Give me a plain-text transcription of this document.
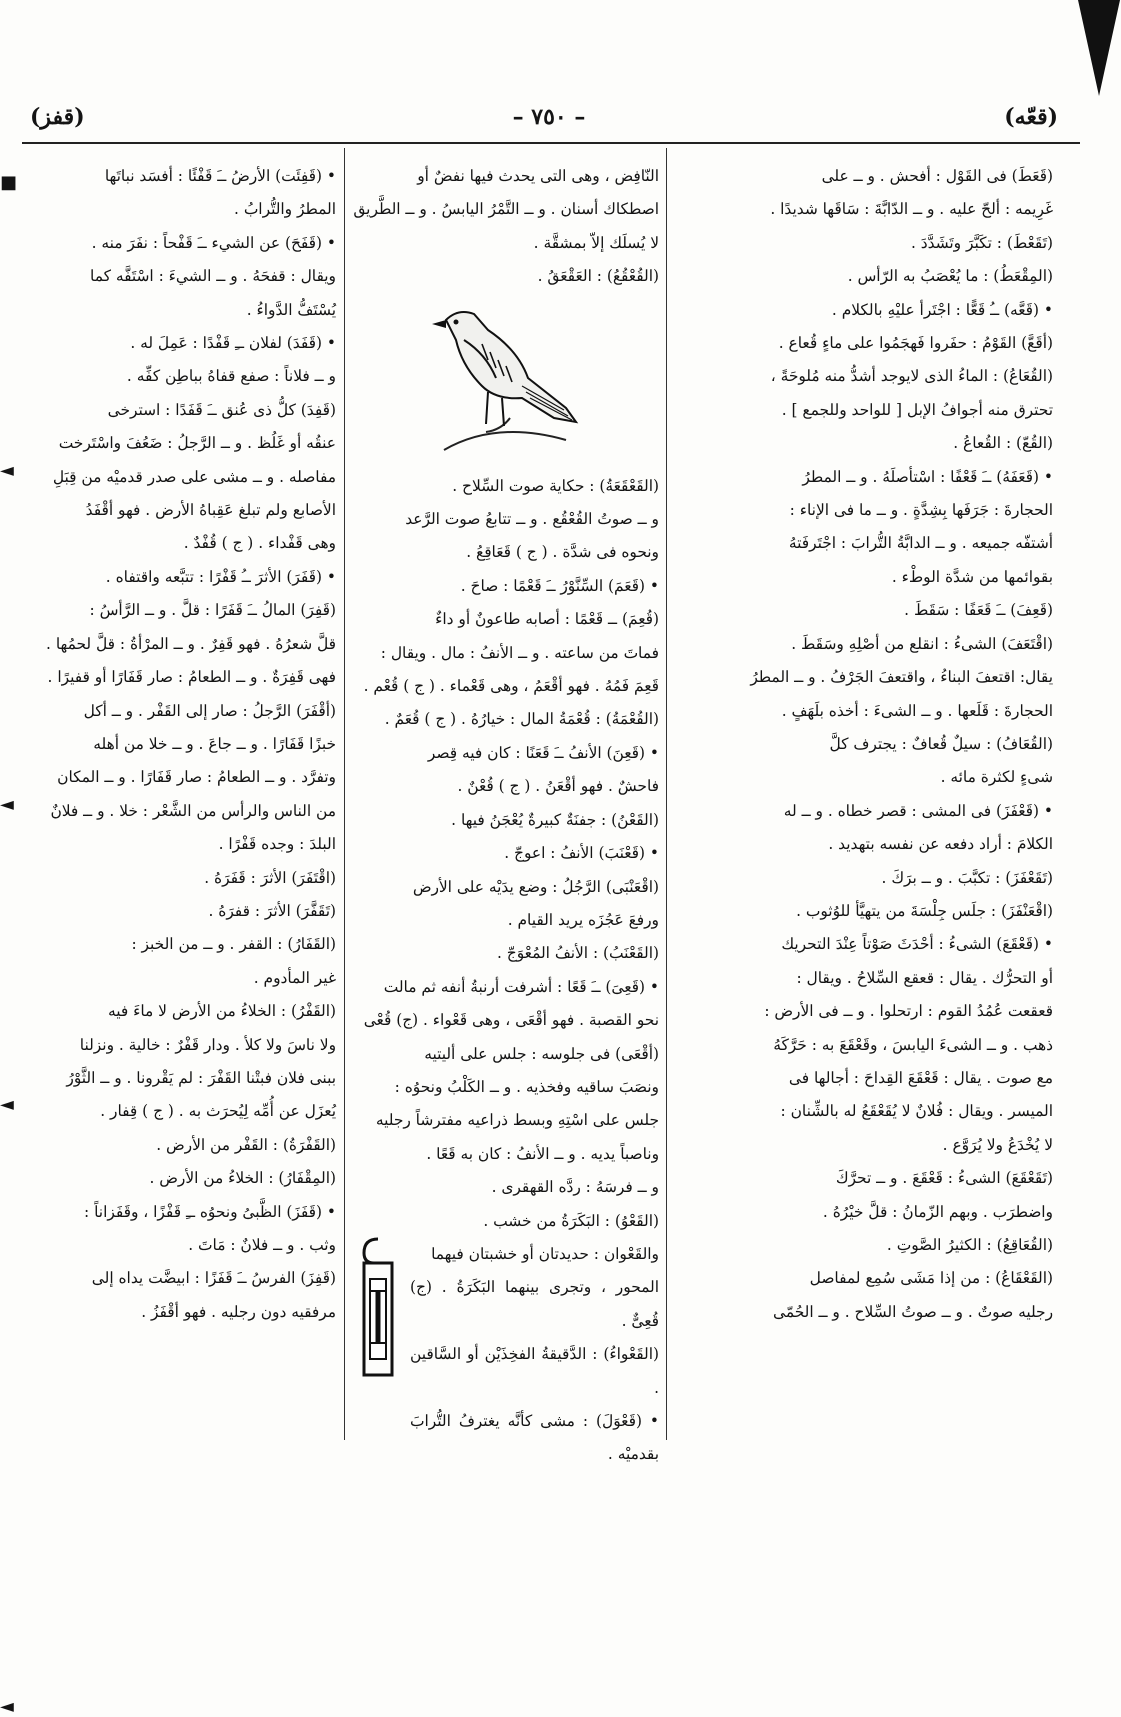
(قعّه)
– ٧٥٠ –
(قفز)

(قَعَطَ) فى القَوْل : أفحش . و ــ على

غَرِيمه : ألحّ عليه . و ــ الدّابَّةَ : سَاقَها شديدًا .

(تَقَعْطَ) : تكَبَّرَ وتَشَدَّدَ .

(المِقْعَطُ) : ما يُعْصَبُ به الرّأس .

• (قَعَّه) ــُ قَعًّا : اجْتَرأ عليْهِ بالكلام .

(أقَعَّ) القَوْمُ : حفَروا فَهجَمُوا على ماءٍ قُعاع .

(القُعَاعُ) : الماءُ الذى لايوجد أشدُّ منه مُلوحَةً ،

تحترق منه أجوافُ الإبل [ للواحد وللجمع ] .

(القُعّ) : القُعاعُ .

• (قَعَفَهُ) ــَ قَعْفًا : اسْتأصلَهُ . و ــ المطرُ

الحجارةَ : جَرَفَها بِشِدَّةٍ . و ــ ما فى الإناء :

أشتفّه جميعه . و ــ الدابَّةُ التُّرابَ : اجْتَرفَتهُ

بقوائمها من شدَّة الوطْء .

(قَعِفَ) ــَ قَعَفًا : سَقَطَ .

(اقْتَعَفَ) الشىءُ : انقلع من أصْلِهِ وسَقَطَ .

يقال: اقتعفَ البناءُ ، واقتعفَ الجَرْفُ . و ــ المطرُ

الحجارةَ : قَلَعها . و ــ الشىءَ : أخذه بلَهَفٍ .

(القُعَافُ) : سيلٌ قُعافٌ : يجترف كلَّ

شىءٍ لكثرة مائه .

• (قَعْفَزَ) فى المشى : قصر خطاه . و ــ له

الكلامَ : أراد دفعه عن نفسه بتهديد .

(تَقَعْفَزَ) : تكبَّبَ . و ــ برَكَ .

(اقْعَنْفَزَ) : جلَس جِلْسَةَ من يتهيَّأ للوُثوب .

• (قَعْقَعَ) الشىءُ : أحْدَثَ صَوْتاً عِنْدَ التحريك

أو التحرُّك . يقال : قعقع السِّلاحُ . ويقال :

قعقعت عُمُدُ القوم : ارتحلوا . و ــ فى الأرض :

ذهب . و ــ الشىءَ اليابسَ ، وقَعْقَعَ به : حَرَّكَهُ

مع صوت . يقال : قَعْقَعَ القِداحَ : أجالها فى

الميسر . ويقال : فُلانٌ لا يُقَعْقَعُ له بالشِّنان :

لا يُخْدَعُ ولا يُرَوَّع .

(تَقَعْقَعَ) الشىءُ : قَعْقَعَ . و ــ تحرَّكَ

واضطرَب . وبهم الزّمانُ : قلَّ خيْرُهُ .

(القُعَاقِعُ) : الكثيرُ الصَّوتِ .

(القَعْقَاعُ) : من إذا مَشَى سُمِع لمفاصل

رجليه صوتٌ . و ــ صوتُ السِّلاح . و ــ الحُمّى

النّافِض ، وهى التى يحدث فيها نفضٌ أو

اصطكاك أسنان . و ــ التَّمْرُ اليابسُ . و ــ الطَّريق

لا يُسلَك إلاّ بمشقَّة .

(القُعْقُعُ) : العَقْعَقُ .

(القَعْقَعَةُ) : حكاية صوت السِّلاح .

و ــ صوتُ القُعْقُع . و ــ تتابعُ صوت الرَّعد

ونحوه فى شدَّة . ( ج ) قَعَاقِعُ .

• (قَعَمَ) السِّنَّوْرُ ــَ قَعْمًا : صاحَ .

(قُعِمَ) ــ قَعْمًا : أصابه طاعونٌ أو داءٌ

فماتَ من ساعته . و ــ الأنفُ : مال . ويقال :

قَعِمَ فَمُهُ . فهو أقْعَمُ ، وهى قَعْماء . ( ج ) قُعْم .

(القُعْمَةُ) : قُعْمَةُ المال : خيارُهُ . ( ج ) قُعَمٌ .

• (قَعِنَ) الأنفُ ــَ قَعَنًا : كان فيه قِصر

فاحشٌ . فهو أقْعَنُ . ( ج ) قُعْنٌ .

(القَعْنُ) : جفنَةٌ كبيرةٌ يُعْجَنُ فيها .

• (قَعْنَبَ) الأنفُ : اعوجّ .

(اقْعَنْبَى) الرَّجُلُ : وضع يدَيْه على الأرض

ورفعَ عَجُزَه يريد القيام .

(القَعْنَبُ) : الأنفُ المُعْوَجّ .

• (قَعِىَ) ــَ قَعًا : أشرفت أرنبةُ أنفه ثم مالت

نحو القصبة . فهو أقْعَى ، وهى قَعْواء . (ج) قُعْى

(أقْعَى) فى جلوسه : جلس على أليتيه

ونصَبَ ساقيه وفخذيه . و ــ الكَلْبُ ونحوُه :

جلس على اسْتِهِ وبسط ذراعيه مفترشاً رجليه

وناصباً يديه . و ــ الأنفُ : كان به قَعًا .

و ــ فرسَهُ : ردَّه القهقرى .

(القَعْوُ) : البَكَرَةُ من خشب .

والقَعْوان : حديدتان أو خشبتان فيهما

المحور ، وتجرى بينهما البَكَرَةُ . (ج) قُعِىٌّ .

(القَعْواءُ) : الدَّقيقةُ الفخِذَيْن أو السَّاقين .

• (قَعْوَلَ) : مشى كأنَّه يغترفُ التُّرابَ بقدميْه .

• (قَفِئَت) الأرضُ ــَ قَفْئًا : أفسَد نباتَها

المطرُ والتُّرابُ .

• (قَفَحَ) عن الشيء ــَ قَفْحاً : نفَرَ منه .

ويقال : قفحَهُ . و ــ الشيءَ : اسْتَفَّه كما

يُسْتَفُّ الدَّواءُ .

• (قَفَدَ) لفلان ــِ قَفْدًا : عَمِلَ له .

و ــ فلاناً : صفع قفاهُ بباطِن كفِّه .

(قَفِدَ) كلُّ ذى عُنق ــَ قَفَدًا : استرخى

عنقُه أو غَلُظ . و ــ الرَّجلُ : ضَعُفَ واسْتَرخت

مفاصله . و ــ مشى على صدر قدميْه من قِبَلِ

الأصابع ولم تبلغ عَقِباهُ الأرض . فهو أقْفَدُ

وهى قَفْداء . ( ج ) قُفْدٌ .

• (قَفَرَ) الأثرَ ــُ قَفْرًا : تتبَّعه واقتفاه .

(قَفِرَ) المالُ ــَ قَفَرًا : قلَّ . و ــ الرَّأسُ :

قلَّ شعرُهُ . فهو قَفِرٌ . و ــ المرْأةُ : قلَّ لحمُها .

فهى قَفِرَةٌ . و ــ الطعامُ : صار قَفَارًا أو قفيرًا .

(أقْفَرَ) الرَّجلُ : صار إلى القَفْر . و ــ أكل

خبزًا قَفَارًا . و ــ جاعَ . و ــ خلا من أهله

وتفرَّد . و ــ الطعامُ : صار قَفَارًا . و ــ المكان

من الناس والرأس من الشَّعْر : خلا . و ــ فلانٌ

البلدَ : وجده قَفْرًا .

(اقْتَفَرَ) الأثرَ : قَفَرَهُ .

(تَقَفَّرَ) الأثرَ : قفرَهُ .

(القَفَارُ) : القفر . و ــ من الخبز :

غير المأدوم .

(القَفْرُ) : الخلاءُ من الأرض لا ماءَ فيه

ولا ناسَ ولا كلأ . ودار قَفْرٌ : خالية . ونزلنا

ببنى فلان فبتْنا القَفْرَ : لم يَقْرونا . و ــ الثَّوْرُ

يُعزَل عن أُمِّه لِيُحرَث به . ( ج ) قِفار .

(القَفْرَةُ) : القَفْر من الأرض .

(المِقْفَارُ) : الخلاءُ من الأرض .

• (قَفَزَ) الظَّبىُ ونحوُه ــِ قَفْزًا ، وقَفَزاناً :

وثب . و ــ فلانٌ : مَاتَ .

(قَفِزَ) الفرسُ ــَ قَفَزًا : ابيضَّت يداه إلى

مرفقيه دون رجليه . فهو أقْفَزُ .

■
◄
◄
◄
◄
